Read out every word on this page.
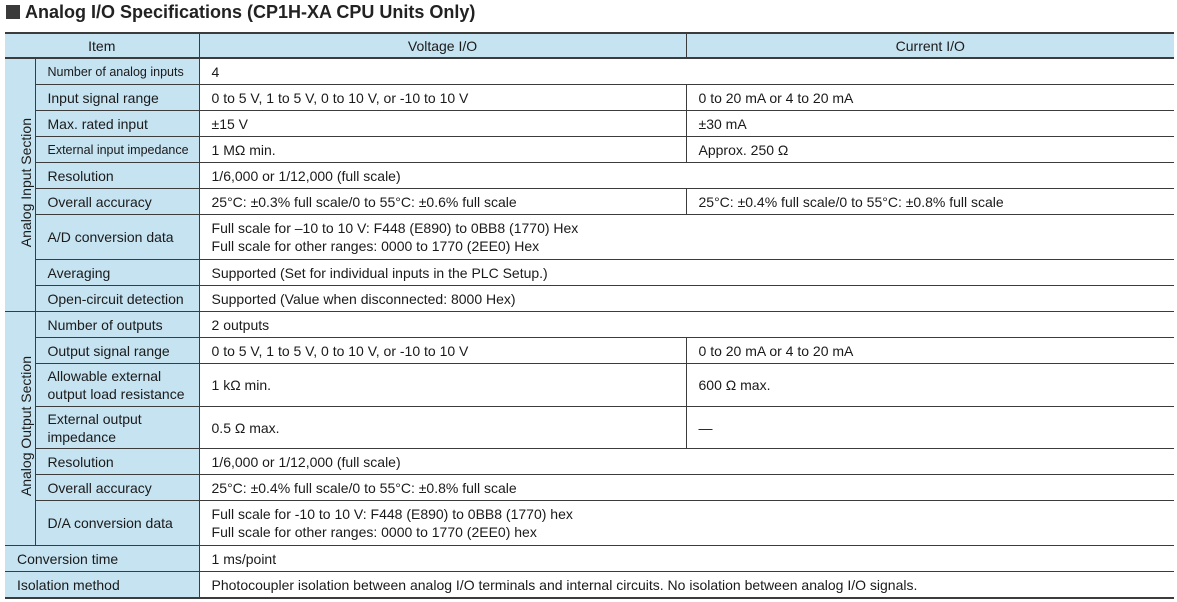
Analog I/O Specifications (CP1H-XA CPU Units Only)
Item		Voltage I/O	Current I/O
Analog Input Section	Number of analog inputs	4	
	Input signal range	0 to 5 V, 1 to 5 V, 0 to 10 V, or -10 to 10 V	0 to 20 mA or 4 to 20 mA
	Max. rated input	±15 V	±30 mA
	External input impedance	1 MΩ min.	Approx. 250 Ω
	Resolution	1/6,000 or 1/12,000 (full scale)	
	Overall accuracy	25°C: ±0.3% full scale/0 to 55°C: ±0.6% full scale	25°C: ±0.4% full scale/0 to 55°C: ±0.8% full scale
	A/D conversion data	Full scale for –10 to 10 V: F448 (E890) to 0BB8 (1770) Hex
Full scale for other ranges: 0000 to 1770 (2EE0) Hex	

	Averaging	Supported (Set for individual inputs in the PLC Setup.)	
	Open-circuit detection	Supported (Value when disconnected: 8000 Hex)	
Analog Output Section	Number of outputs	2 outputs	
	Output signal range	0 to 5 V, 1 to 5 V, 0 to 10 V, or -10 to 10 V	0 to 20 mA or 4 to 20 mA

	Allowable external
output load resistance	1 kΩ min.	600 Ω max.

	External output
impedance	0.5 Ω max.	—
	Resolution	1/6,000 or 1/12,000 (full scale)	
	Overall accuracy	25°C: ±0.4% full scale/0 to 55°C: ±0.8% full scale	
	D/A conversion data	Full scale for -10 to 10 V: F448 (E890) to 0BB8 (1770) hex
Full scale for other ranges: 0000 to 1770 (2EE0) hex	

Conversion time		1 ms/point	
Isolation method		Photocoupler isolation between analog I/O terminals and internal circuits. No isolation between analog I/O signals.	
